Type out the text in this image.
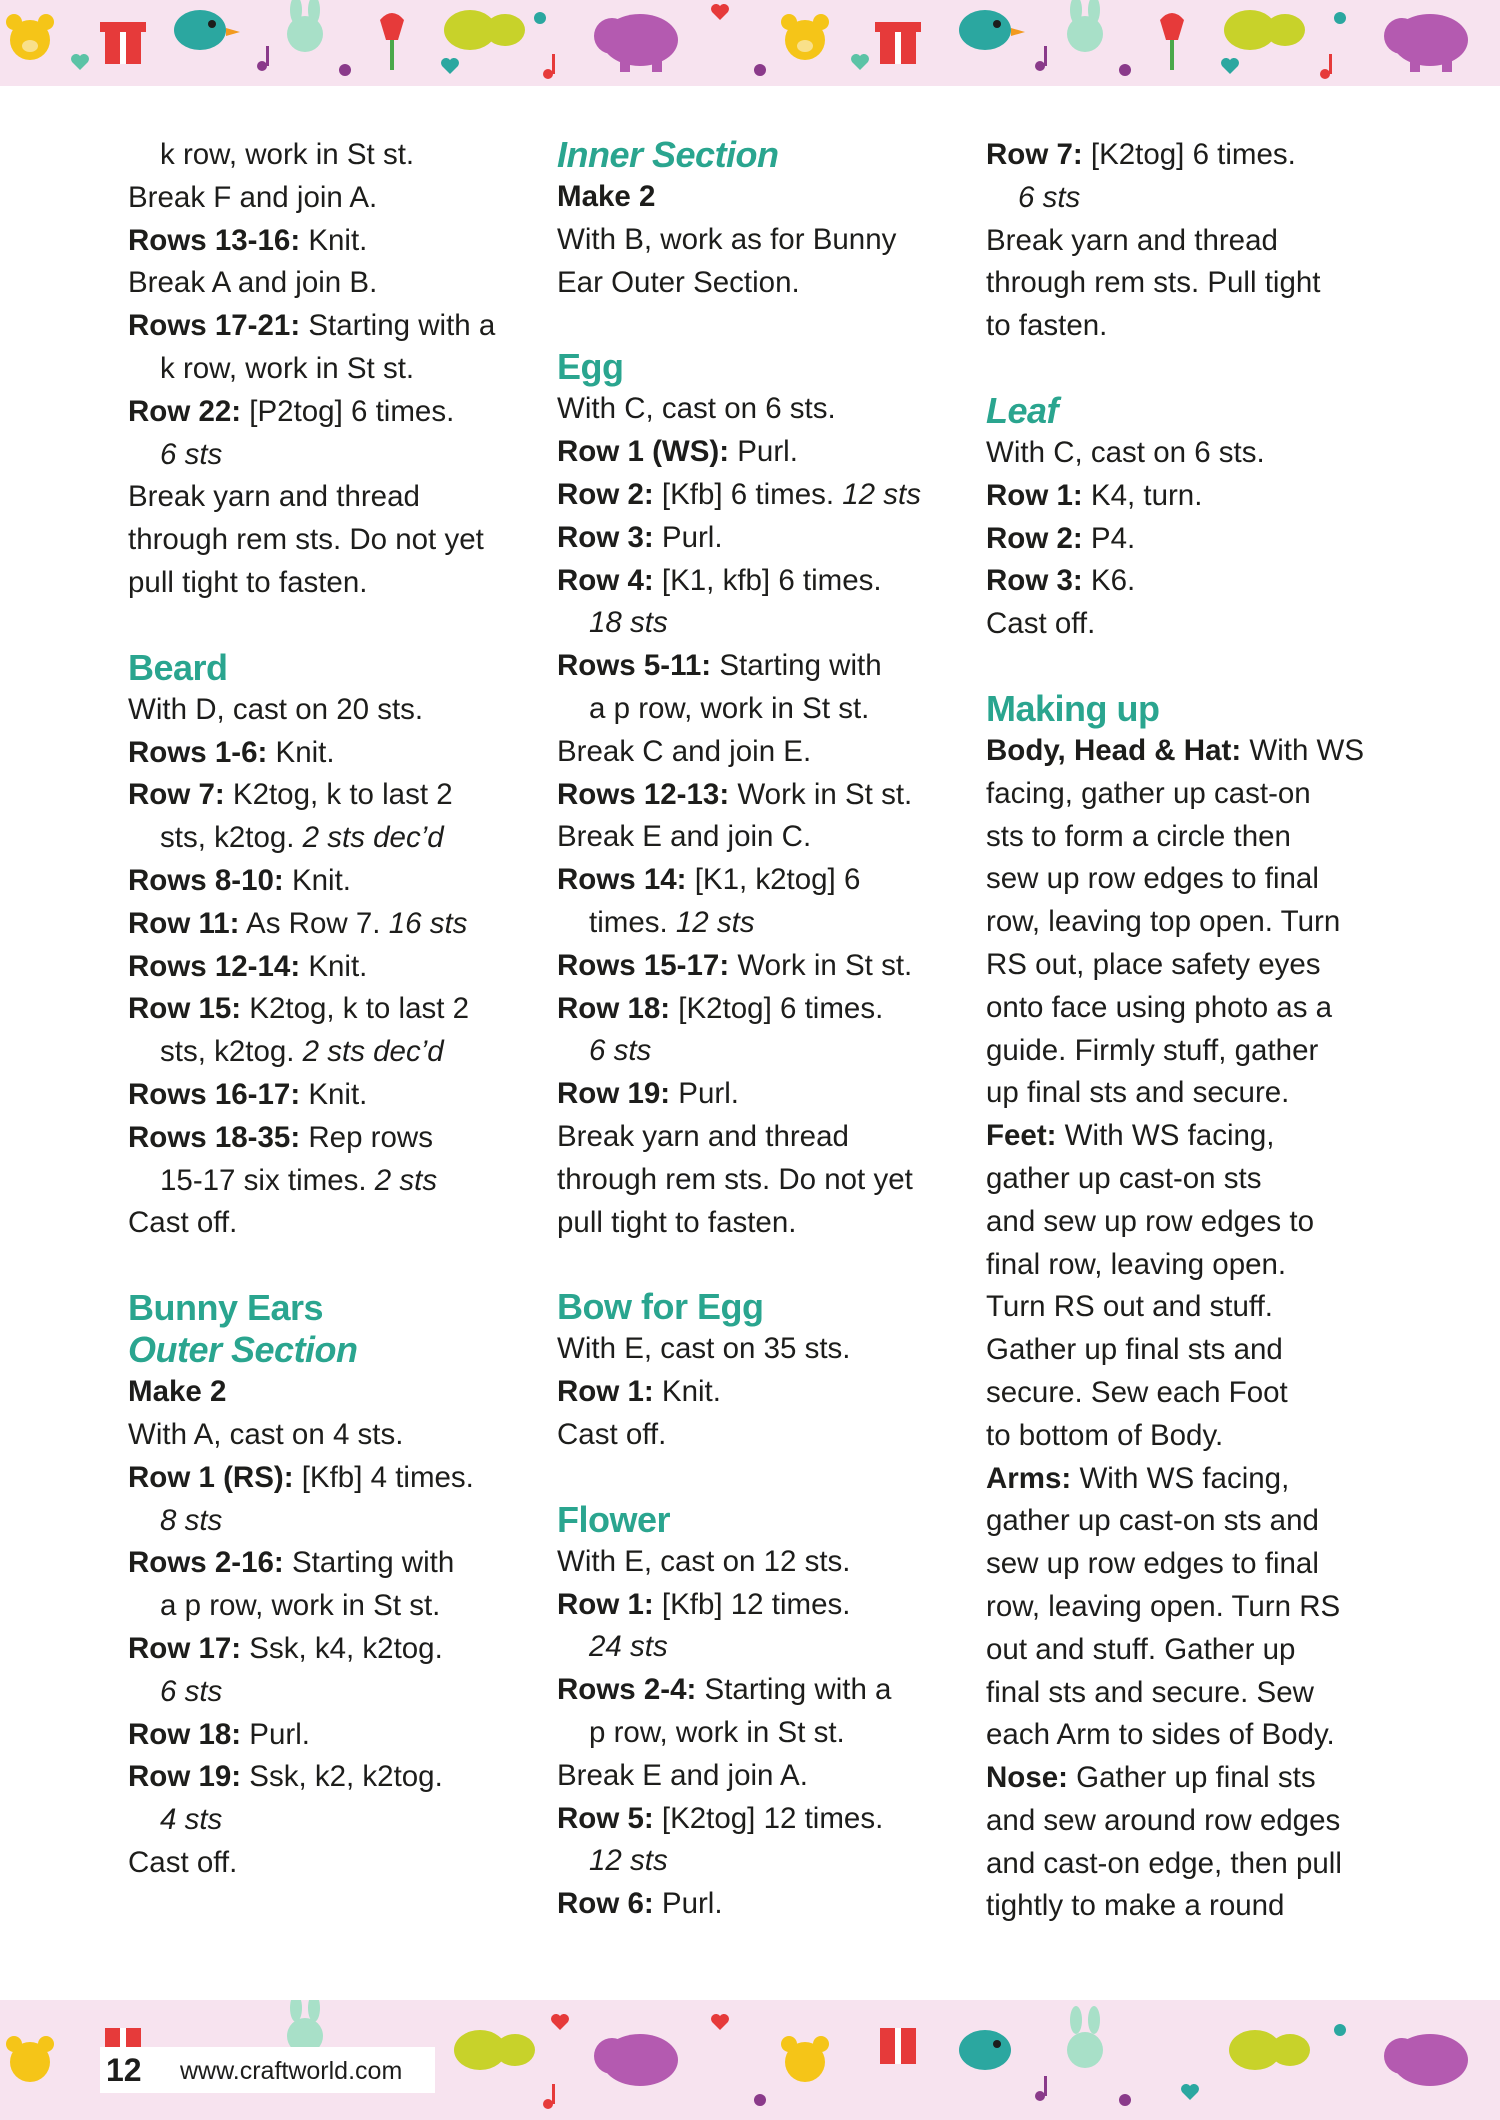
k row, work in St st.

Break F and join A.

Rows 13-16: Knit.

Break A and join B.

Rows 17-21: Starting with a

k row, work in St st.

Row 22: [P2tog] 6 times.

6 sts

Break yarn and thread

through rem sts. Do not yet

pull tight to fasten.

Beard

With D, cast on 20 sts.

Rows 1-6: Knit.

Row 7: K2tog, k to last 2

sts, k2tog. 2 sts dec’d

Rows 8-10: Knit.

Row 11: As Row 7. 16 sts

Rows 12-14: Knit.

Row 15: K2tog, k to last 2

sts, k2tog. 2 sts dec’d

Rows 16-17: Knit.

Rows 18-35: Rep rows

15-17 six times. 2 sts

Cast off.

Bunny Ears
Outer Section

Make 2

With A, cast on 4 sts.

Row 1 (RS): [Kfb] 4 times.

8 sts

Rows 2-16: Starting with

a p row, work in St st.

Row 17: Ssk, k4, k2tog.

6 sts

Row 18: Purl.

Row 19: Ssk, k2, k2tog.

4 sts

Cast off.

Inner Section

Make 2

With B, work as for Bunny

Ear Outer Section.

Egg

With C, cast on 6 sts.

Row 1 (WS): Purl.

Row 2: [Kfb] 6 times. 12 sts

Row 3: Purl.

Row 4: [K1, kfb] 6 times.

18 sts

Rows 5-11: Starting with

a p row, work in St st.

Break C and join E.

Rows 12-13: Work in St st.

Break E and join C.

Rows 14: [K1, k2tog] 6

times. 12 sts

Rows 15-17: Work in St st.

Row 18: [K2tog] 6 times.

6 sts

Row 19: Purl.

Break yarn and thread

through rem sts. Do not yet

pull tight to fasten.

Bow for Egg

With E, cast on 35 sts.

Row 1: Knit.

Cast off.

Flower

With E, cast on 12 sts.

Row 1: [Kfb] 12 times.

24 sts

Rows 2-4: Starting with a

p row, work in St st.

Break E and join A.

Row 5: [K2tog] 12 times.

12 sts

Row 6: Purl.

Row 7: [K2tog] 6 times.

6 sts

Break yarn and thread

through rem sts. Pull tight

to fasten.

Leaf

With C, cast on 6 sts.

Row 1: K4, turn.

Row 2: P4.

Row 3: K6.

Cast off.

Making up

Body, Head & Hat: With WS

facing, gather up cast-on

sts to form a circle then

sew up row edges to final

row, leaving top open. Turn

RS out, place safety eyes

onto face using photo as a

guide. Firmly stuff, gather

up final sts and secure.

Feet: With WS facing,

gather up cast-on sts

and sew up row edges to

final row, leaving open.

Turn RS out and stuff.

Gather up final sts and

secure. Sew each Foot

to bottom of Body.

Arms: With WS facing,

gather up cast-on sts and

sew up row edges to final

row, leaving open. Turn RS

out and stuff. Gather up

final sts and secure. Sew

each Arm to sides of Body.

Nose: Gather up final sts

and sew around row edges

and cast-on edge, then pull

tightly to make a round

12 www.craftworld.com
